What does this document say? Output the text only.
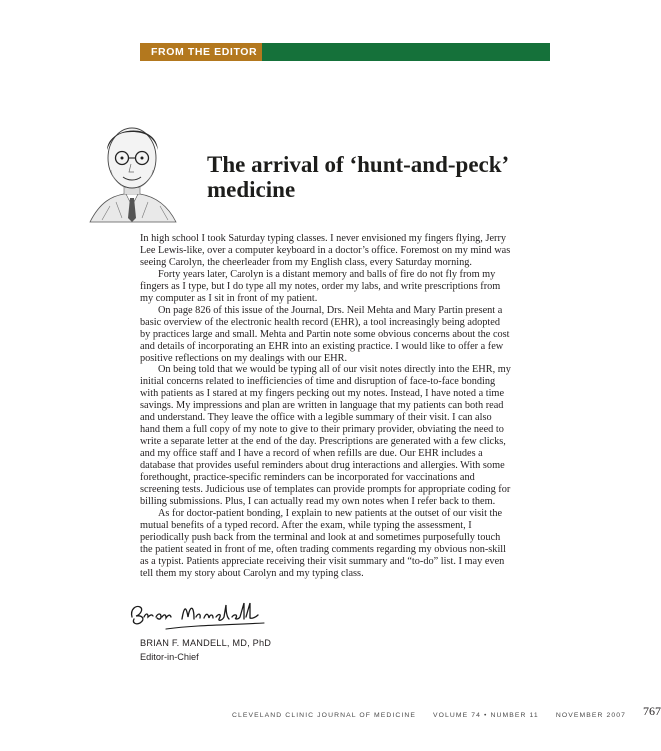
FROM THE EDITOR
The arrival of ‘hunt-and-peck’
medicine

In high school I took Saturday typing classes. I never envisioned my fingers flying, Jerry Lee Lewis-like, over a computer keyboard in a doctor’s office. Foremost on my mind was seeing Carolyn, the cheerleader from my English class, every Saturday morning.

Forty years later, Carolyn is a distant memory and balls of fire do not fly from my fingers as I type, but I do type all my notes, order my labs, and write prescriptions from my computer as I sit in front of my patient.

On page 826 of this issue of the Journal, Drs. Neil Mehta and Mary Partin present a basic overview of the electronic health record (EHR), a tool increasingly being adopted by practices large and small. Mehta and Partin note some obvious concerns about the cost and details of incorporating an EHR into an existing practice. I would like to offer a few positive reflections on my dealings with our EHR.

On being told that we would be typing all of our visit notes directly into the EHR, my initial concerns related to inefficiencies of time and disruption of face-to-face bonding with patients as I stared at my fingers pecking out my notes. Instead, I have noted a time savings. My impressions and plan are written in language that my patients can both read and understand. They leave the office with a legible summary of their visit. I can also hand them a full copy of my note to give to their primary provider, obviating the need to write a separate letter at the end of the day. Prescriptions are generated with a few clicks, and my office staff and I have a record of when refills are due. Our EHR includes a database that provides useful reminders about drug interactions and allergies. With some forethought, practice-specific reminders can be incorporated for vaccinations and screening tests. Judicious use of templates can provide prompts for appropriate coding for billing submissions. Plus, I can actually read my own notes when I refer back to them.

As for doctor-patient bonding, I explain to new patients at the outset of our visit the mutual benefits of a typed record. After the exam, while typing the assessment, I periodically push back from the terminal and look at and sometimes purposefully touch the patient seated in front of me, often trading comments regarding my obvious non-skill as a typist. Patients appreciate receiving their visit summary and “to-do” list. I may even tell them my story about Carolyn and my typing class.

BRIAN F. MANDELL, MD, PhD
Editor-in-Chief
CLEVELAND CLINIC JOURNAL OF MEDICINE	VOLUME 74 • NUMBER 11	NOVEMBER 2007 767
